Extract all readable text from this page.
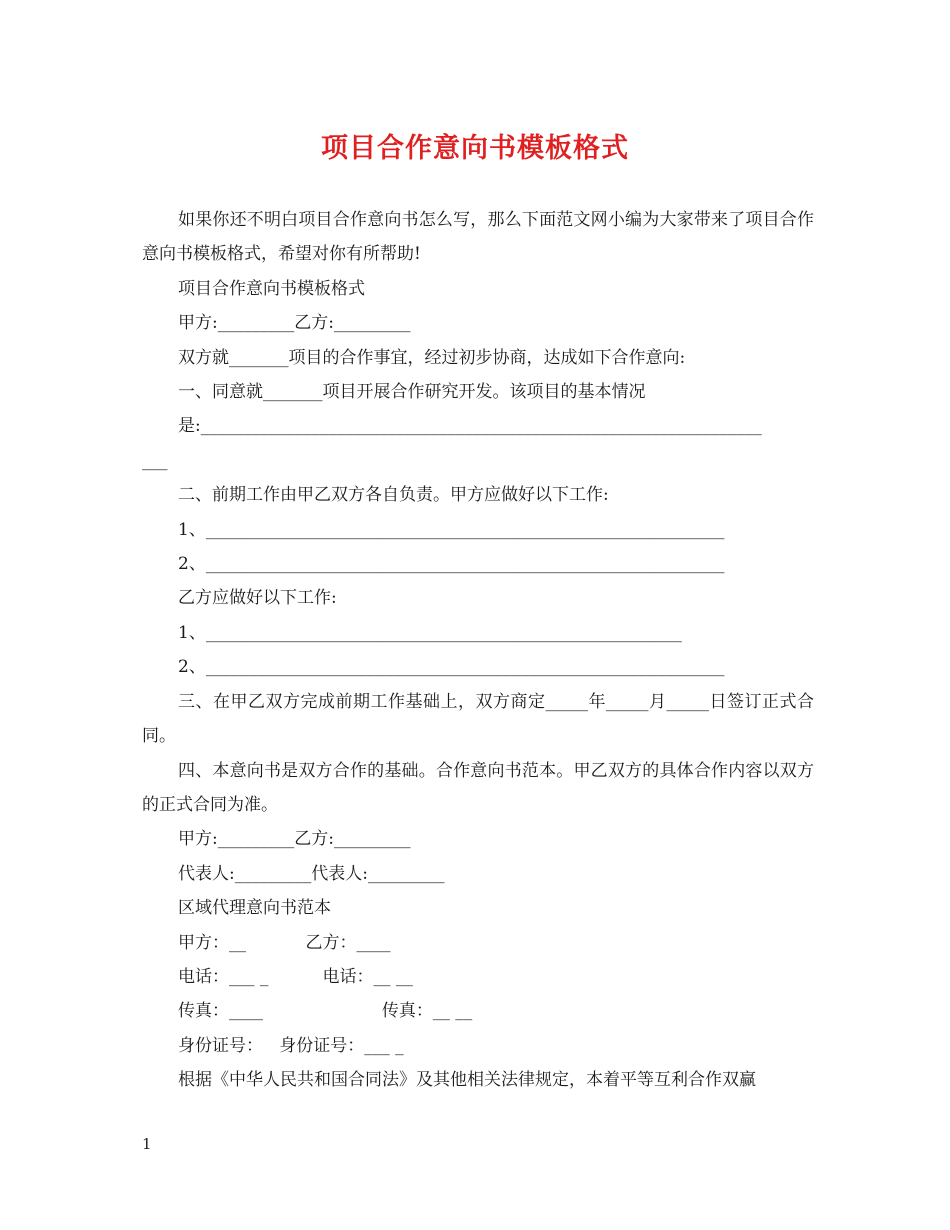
项目合作意向书模板格式

如果你还不明白项目合作意向书怎么写，那么下面范文网小编为大家带来了项目合作意向书模板格式，希望对你有所帮助!

项目合作意向书模板格式

甲方:_________乙方:_________

双方就_______项目的合作事宜，经过初步协商，达成如下合作意向:

一、同意就_______项目开展合作研究开发。该项目的基本情况

是:__________________________________________________________________

___

二、前期工作由甲乙双方各自负责。甲方应做好以下工作:

1、_____________________________________________________________

2、_____________________________________________________________

乙方应做好以下工作:

1、________________________________________________________

2、_____________________________________________________________

三、在甲乙双方完成前期工作基础上，双方商定_____年_____月_____日签订正式合同。

四、本意向书是双方合作的基础。合作意向书范本。甲乙双方的具体合作内容以双方的正式合同为准。

甲方:_________乙方:_________

代表人:_________代表人:_________

区域代理意向书范本

甲方：__           乙方：____

电话：___ _          电话：__ __

传真：____                      传真：__ __

身份证号：   身份证号：___ _

根据《中华人民共和国合同法》及其他相关法律规定，本着平等互利合作双赢

1
